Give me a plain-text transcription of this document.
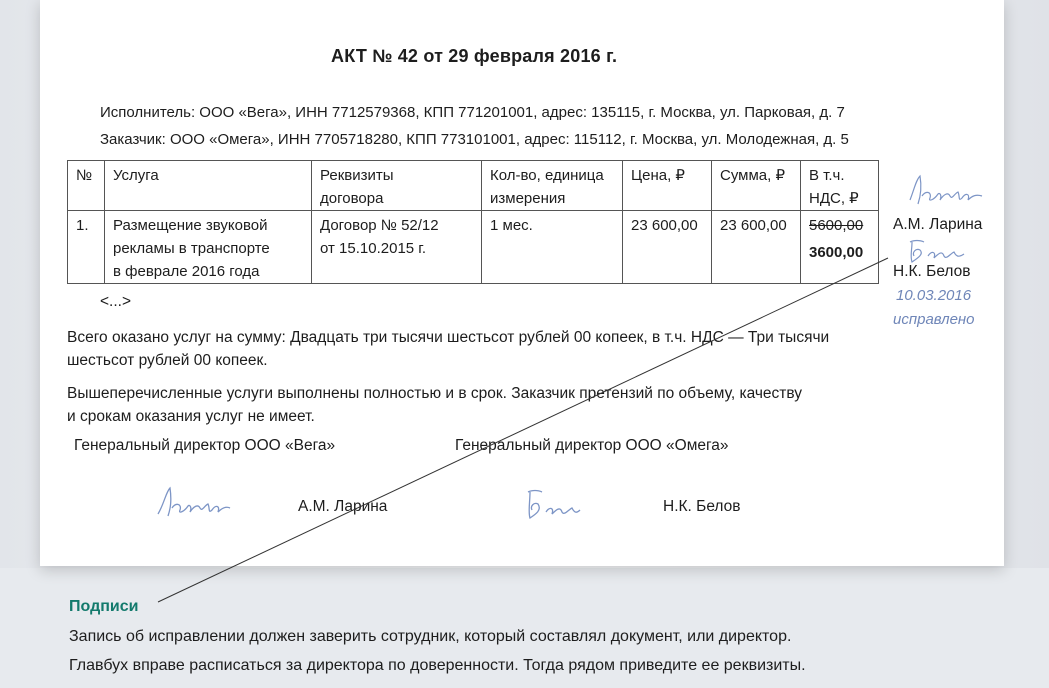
АКТ № 42 от 29 февраля 2016 г.
Исполнитель: ООО «Вега», ИНН 7712579368, КПП 771201001, адрес: 135115, г. Москва, ул. Парковая, д. 7
Заказчик: ООО «Омега», ИНН 7705718280, КПП 773101001, адрес: 115112, г. Москва, ул. Молодежная, д. 5
№	Услуга	Реквизиты
договора	Кол-во, единица
измерения	Цена, ₽	Сумма, ₽	В т.ч.
НДС, ₽
1.	Размещение звуковой
рекламы в транспорте
в феврале 2016 года	Договор № 52/12
от 15.10.2015 г.	1 мес.	23 600,00	23 600,00	5600,00
3600,00
<...>
Всего оказано услуг на сумму: Двадцать три тысячи шестьсот рублей 00 копеек, в т.ч. НДС — Три тысячи
шестьсот рублей 00 копеек.
Вышеперечисленные услуги выполнены полностью и в срок. Заказчик претензий по объему, качеству
и срокам оказания услуг не имеет.
Генеральный директор ООО «Вега»	Генеральный директор ООО «Омега»
А.М. Ларина	Н.К. Белов
А.М. Ларина
Н.К. Белов
10.03.2016
исправлено
Подписи
Запись об исправлении должен заверить сотрудник, который составлял документ, или директор.
Главбух вправе расписаться за директора по доверенности. Тогда рядом приведите ее реквизиты.
